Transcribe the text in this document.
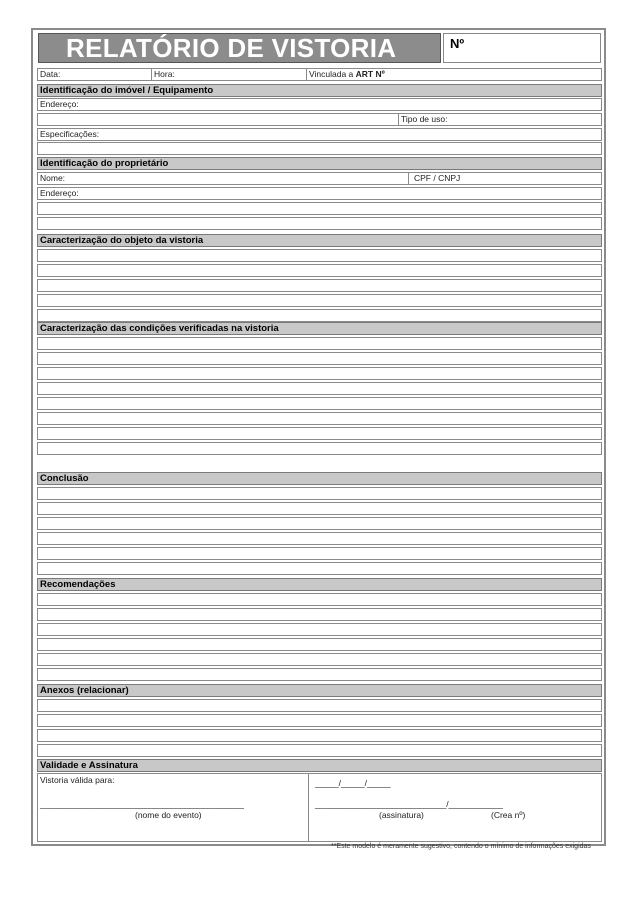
RELATÓRIO DE VISTORIA	Nº
Data:	Hora:	Vinculada a ART Nº
Identificação do imóvel / Equipamento
Endereço:
Tipo de uso:
Especificações:
Identificação do proprietário
Nome:	CPF / CNPJ
Endereço:
Caracterização do objeto da vistoria
Caracterização das condições verificadas na vistoria
Conclusão
Recomendações
Anexos (relacionar)
Validade e Assinatura
Vistoria válida para:
_____________________________________________
(nome do evento)
_____/_____/_____
_____________________________/____________
(assinatura)	(Crea nº)
**Este modelo é meramente sugestivo, contendo o mínimo de informações exigidas
